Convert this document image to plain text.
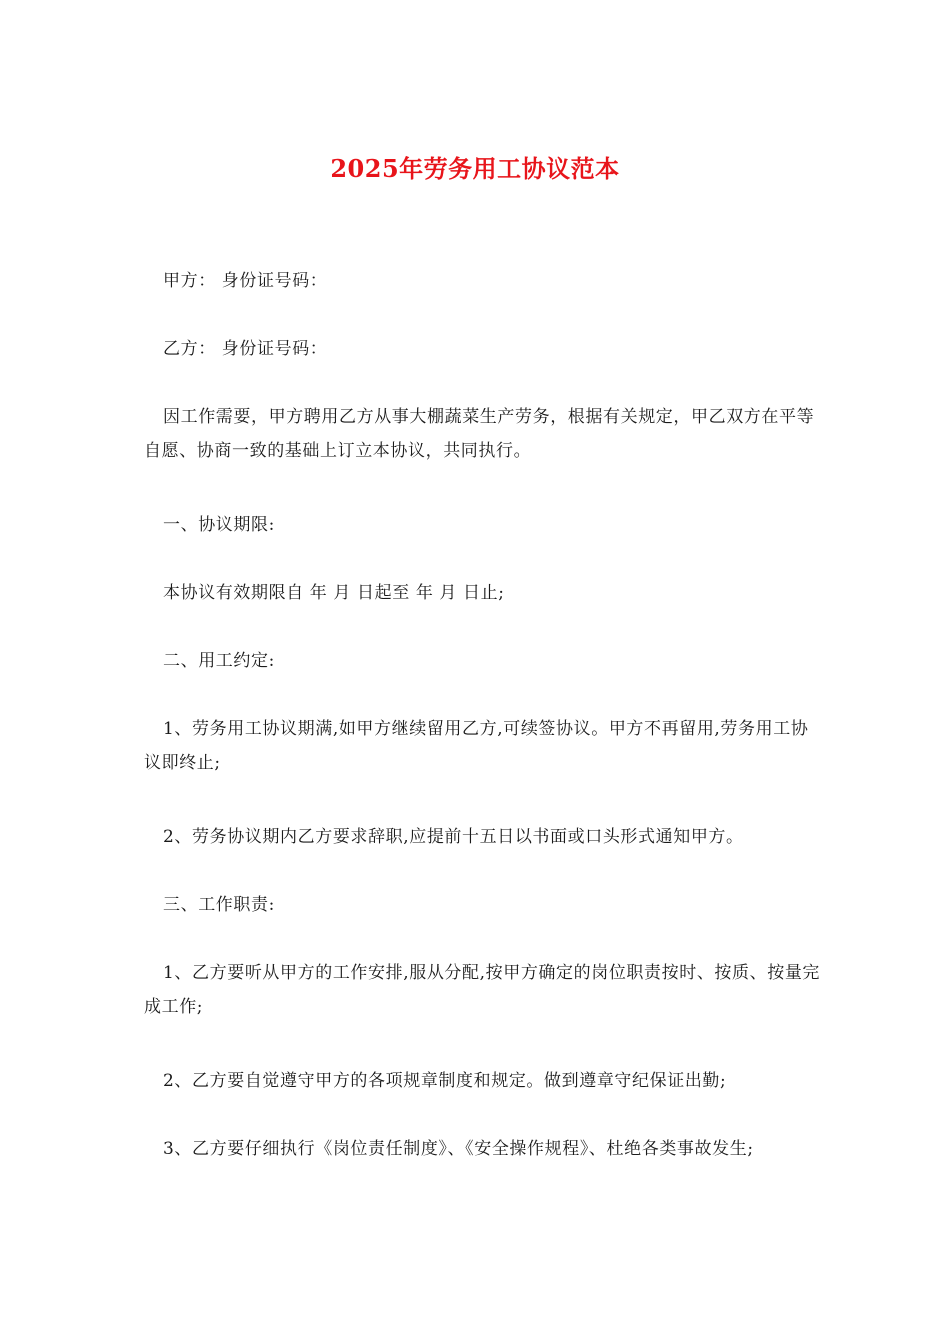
2025年劳务用工协议范本
甲方： 身份证号码：
乙方： 身份证号码：
因工作需要，甲方聘用乙方从事大棚蔬菜生产劳务，根据有关规定，甲乙双方在平等自愿、协商一致的基础上订立本协议，共同执行。
一、协议期限:
本协议有效期限自 年 月 日起至 年 月 日止;
二、用工约定:
1、劳务用工协议期满,如甲方继续留用乙方,可续签协议。甲方不再留用,劳务用工协议即终止;
2、劳务协议期内乙方要求辞职,应提前十五日以书面或口头形式通知甲方。
三、工作职责:
1、乙方要听从甲方的工作安排,服从分配,按甲方确定的岗位职责按时、按质、按量完成工作;
2、乙方要自觉遵守甲方的各项规章制度和规定。做到遵章守纪保证出勤;
3、乙方要仔细执行《岗位责任制度》、《安全操作规程》、杜绝各类事故发生;
